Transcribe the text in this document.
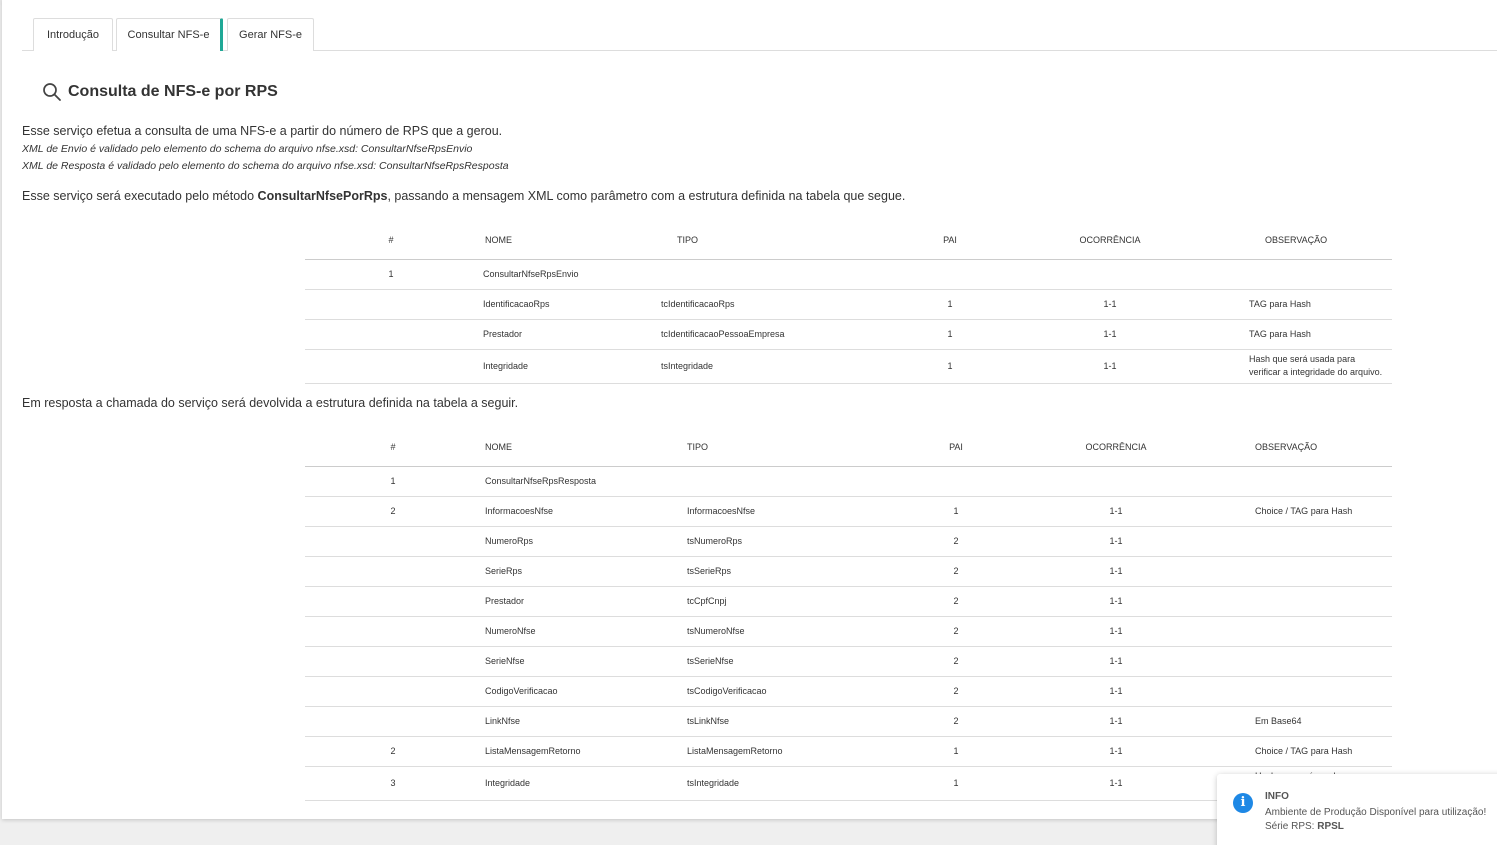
Introdução	Consultar NFS-e	Gerar NFS-e
Consulta de NFS-e por RPS
Esse serviço efetua a consulta de uma NFS-e a partir do número de RPS que a gerou.
XML de Envio é validado pelo elemento do schema do arquivo nfse.xsd: ConsultarNfseRpsEnvio
XML de Resposta é validado pelo elemento do schema do arquivo nfse.xsd: ConsultarNfseRpsResposta
Esse serviço será executado pelo método ConsultarNfsePorRps, passando a mensagem XML como parâmetro com a estrutura definida na tabela que segue.
#	NOME	TIPO	PAI	OCORRÊNCIA	OBSERVAÇÃO
1	ConsultarNfseRpsEnvio				
	IdentificacaoRps	tcIdentificacaoRps	1	1-1	TAG para Hash
	Prestador	tcIdentificacaoPessoaEmpresa	1	1-1	TAG para Hash
	Integridade	tsIntegridade	1	1-1	Hash que será usada para verificar a integridade do arquivo.
Em resposta a chamada do serviço será devolvida a estrutura definida na tabela a seguir.
#	NOME	TIPO	PAI	OCORRÊNCIA	OBSERVAÇÃO
1	ConsultarNfseRpsResposta				
2	InformacoesNfse	InformacoesNfse	1	1-1	Choice / TAG para Hash
	NumeroRps	tsNumeroRps	2	1-1	
	SerieRps	tsSerieRps	2	1-1	
	Prestador	tcCpfCnpj	2	1-1	
	NumeroNfse	tsNumeroNfse	2	1-1	
	SerieNfse	tsSerieNfse	2	1-1	
	CodigoVerificacao	tsCodigoVerificacao	2	1-1	
	LinkNfse	tsLinkNfse	2	1-1	Em Base64
2	ListaMensagemRetorno	ListaMensagemRetorno	1	1-1	Choice / TAG para Hash
3	Integridade	tsIntegridade	1	1-1	
i	INFO
Ambiente de Produção Disponível para utilização!
Série RPS: RPSL
